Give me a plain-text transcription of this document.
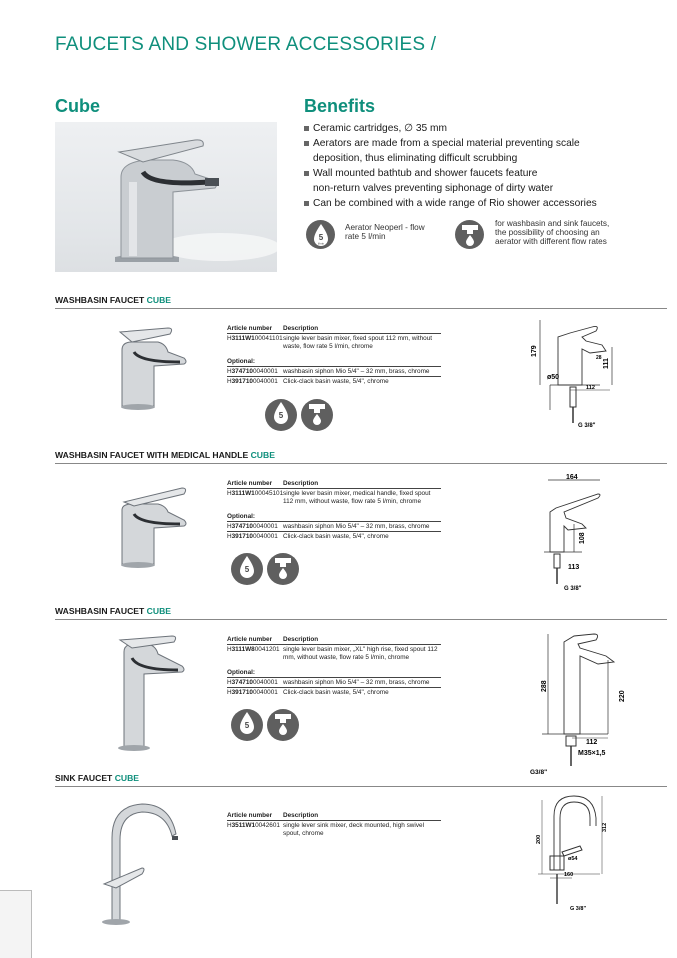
FAUCETS AND SHOWER ACCESSORIES /
Cube	Benefits
Ceramic cartridges, ∅ 35 mm
Aerators are made from a special material preventing scale
deposition, thus eliminating difficult scrubbing
Wall mounted bathtub and shower faucets feature
non-return valves preventing siphonage of dirty water
Can be combined with a wide range of Rio shower accessories
5
l/min
Aerator Neoperl - flow rate 5 l/min
for washbasin and sink faucets, the possibility of choosing an aerator with different flow rates
WASHBASIN FAUCET CUBE
Article number	Description
H3111W100041101 single lever basin mixer, fixed spout 112 mm, without waste, flow rate 5 l/min, chrome
Optional:
H3747100040001 washbasin siphon Mio 5/4" – 32 mm, brass, chrome
H3917100040001 Click-clack basin waste, 5/4", chrome
5
179
111
ø50
112
G 3/8"
28
WASHBASIN FAUCET WITH MEDICAL HANDLE CUBE
Article number	Description
H3111W100045101 single lever basin mixer, medical handle, fixed spout 112 mm, without waste, flow rate 5 l/min, chrome
Optional:
H3747100040001 washbasin siphon Mio 5/4" – 32 mm, brass, chrome
H3917100040001 Click-clack basin waste, 5/4", chrome
5
164
108
113
G 3/8"
WASHBASIN FAUCET CUBE
Article number	Description
H3111W80041201 single lever basin mixer, „XL" high rise, fixed spout 112 mm, without waste, flow rate 5 l/min, chrome
Optional:
H3747100040001 washbasin siphon Mio 5/4" – 32 mm, brass, chrome
H3917100040001 Click-clack basin waste, 5/4", chrome
5
288
220
112
M35×1,5
G3/8"
SINK FAUCET CUBE
Article number	Description
H3511W10042601 single lever sink mixer, deck mounted, high swivel spout, chrome
200
312
ø54
160
G 3/8"
